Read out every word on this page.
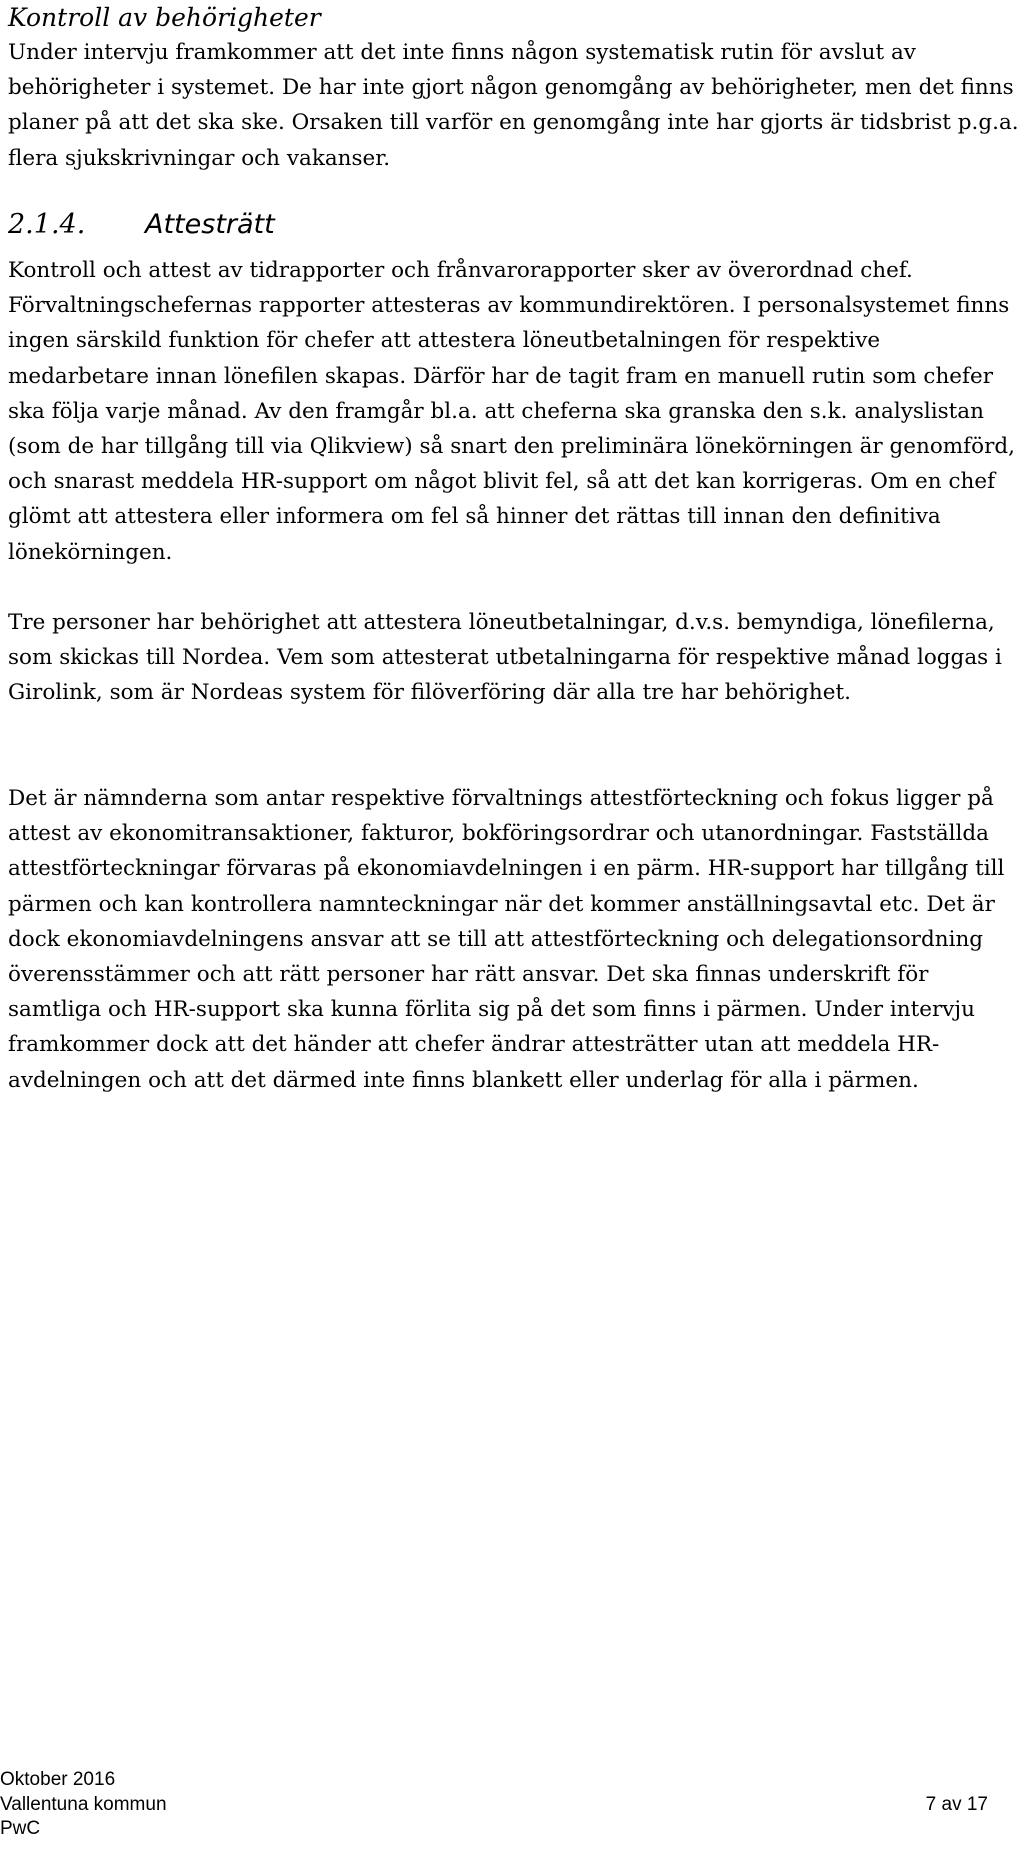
Kontroll av behörigheter

Under intervju framkommer att det inte finns någon systematisk rutin för avslut av behörigheter i systemet. De har inte gjort någon genomgång av behörigheter, men det finns planer på att det ska ske. Orsaken till varför en genomgång inte har gjorts är tidsbrist p.g.a. flera sjukskrivningar och vakanser.

2.1.4. Attesträtt

Kontroll och attest av tidrapporter och frånvarorapporter sker av överordnad chef. Förvaltningschefernas rapporter attesteras av kommundirektören. I personalsystemet finns ingen särskild funktion för chefer att attestera löneutbetalningen för respektive medarbetare innan lönefilen skapas. Därför har de tagit fram en manuell rutin som chefer ska följa varje månad. Av den framgår bl.a. att cheferna ska granska den s.k. analyslistan (som de har tillgång till via Qlikview) så snart den preliminära lönekörningen är genomförd, och snarast meddela HR-support om något blivit fel, så att det kan korrigeras. Om en chef glömt att attestera eller informera om fel så hinner det rättas till innan den definitiva lönekörningen.

Tre personer har behörighet att attestera löneutbetalningar, d.v.s. bemyndiga, lönefilerna, som skickas till Nordea. Vem som attesterat utbetalningarna för respektive månad loggas i Girolink, som är Nordeas system för filöverföring där alla tre har behörighet.

Det är nämnderna som antar respektive förvaltnings attestförteckning och fokus ligger på attest av ekonomitransaktioner, fakturor, bokföringsordrar och utanordningar. Fastställda attestförteckningar förvaras på ekonomiavdelningen i en pärm. HR-support har tillgång till pärmen och kan kontrollera namnteckningar när det kommer anställningsavtal etc. Det är dock ekonomiavdelningens ansvar att se till att attestförteckning och delegationsordning överensstämmer och att rätt personer har rätt ansvar. Det ska finnas underskrift för samtliga och HR-support ska kunna förlita sig på det som finns i pärmen. Under intervju framkommer dock att det händer att chefer ändrar attesträtter utan att meddela HR-avdelningen och att det därmed inte finns blankett eller underlag för alla i pärmen.

Oktober 2016
Vallentuna kommun
PwC
7 av 17
